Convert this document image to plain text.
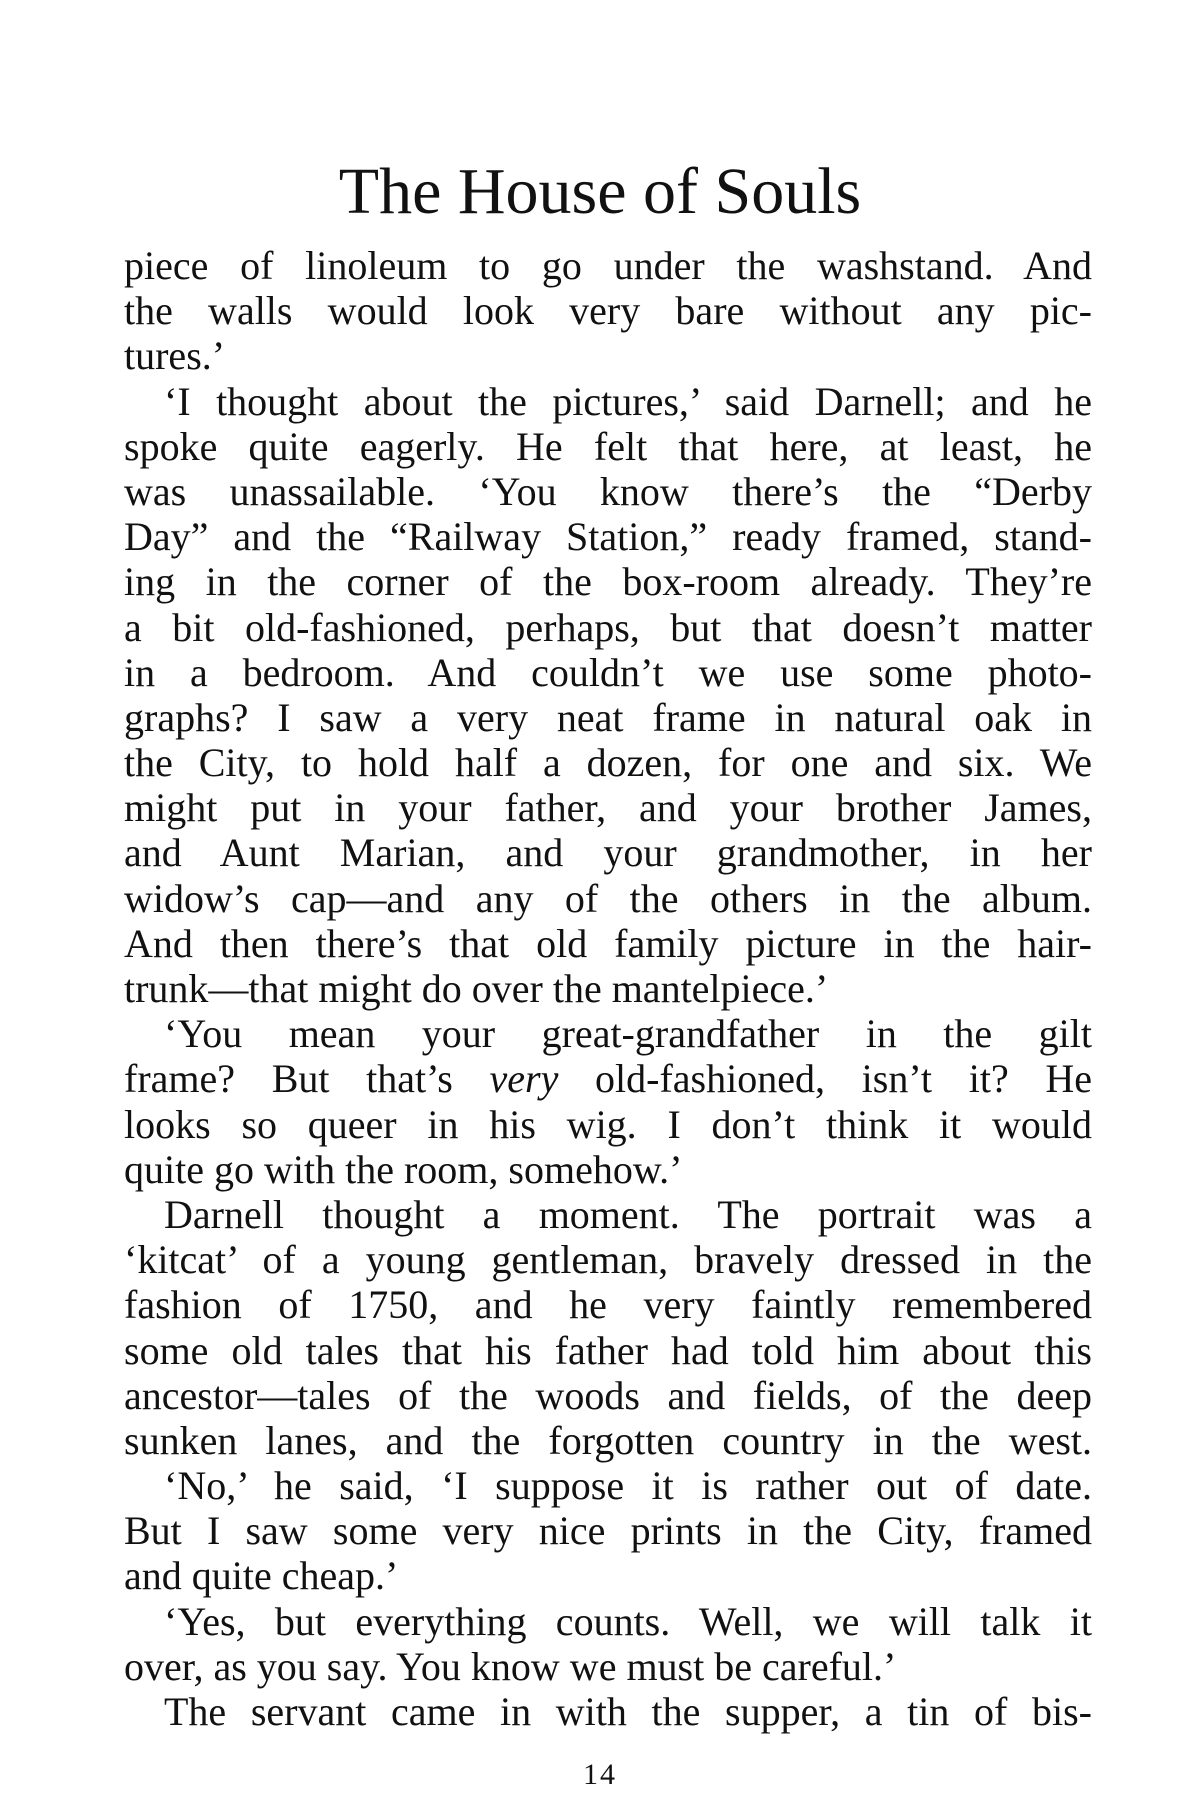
The House of Souls
piece of linoleum to go under the washstand. And
the walls would look very bare without any pic-
tures.’
‘I thought about the pictures,’ said Darnell; and he
spoke quite eagerly. He felt that here, at least, he
was unassailable. ‘You know there’s the “Derby
Day” and the “Railway Station,” ready framed, stand-
ing in the corner of the box-room already. They’re
a bit old-fashioned, perhaps, but that doesn’t matter
in a bedroom. And couldn’t we use some photo-
graphs? I saw a very neat frame in natural oak in
the City, to hold half a dozen, for one and six. We
might put in your father, and your brother James,
and Aunt Marian, and your grandmother, in her
widow’s cap—and any of the others in the album.
And then there’s that old family picture in the hair-
trunk—that might do over the mantelpiece.’
‘You mean your great-grandfather in the gilt
frame? But that’s very old-fashioned, isn’t it? He
looks so queer in his wig. I don’t think it would
quite go with the room, somehow.’
Darnell thought a moment. The portrait was a
‘kitcat’ of a young gentleman, bravely dressed in the
fashion of 1750, and he very faintly remembered
some old tales that his father had told him about this
ancestor—tales of the woods and fields, of the deep
sunken lanes, and the forgotten country in the west.
‘No,’ he said, ‘I suppose it is rather out of date.
But I saw some very nice prints in the City, framed
and quite cheap.’
‘Yes, but everything counts. Well, we will talk it
over, as you say. You know we must be careful.’
The servant came in with the supper, a tin of bis-
14
